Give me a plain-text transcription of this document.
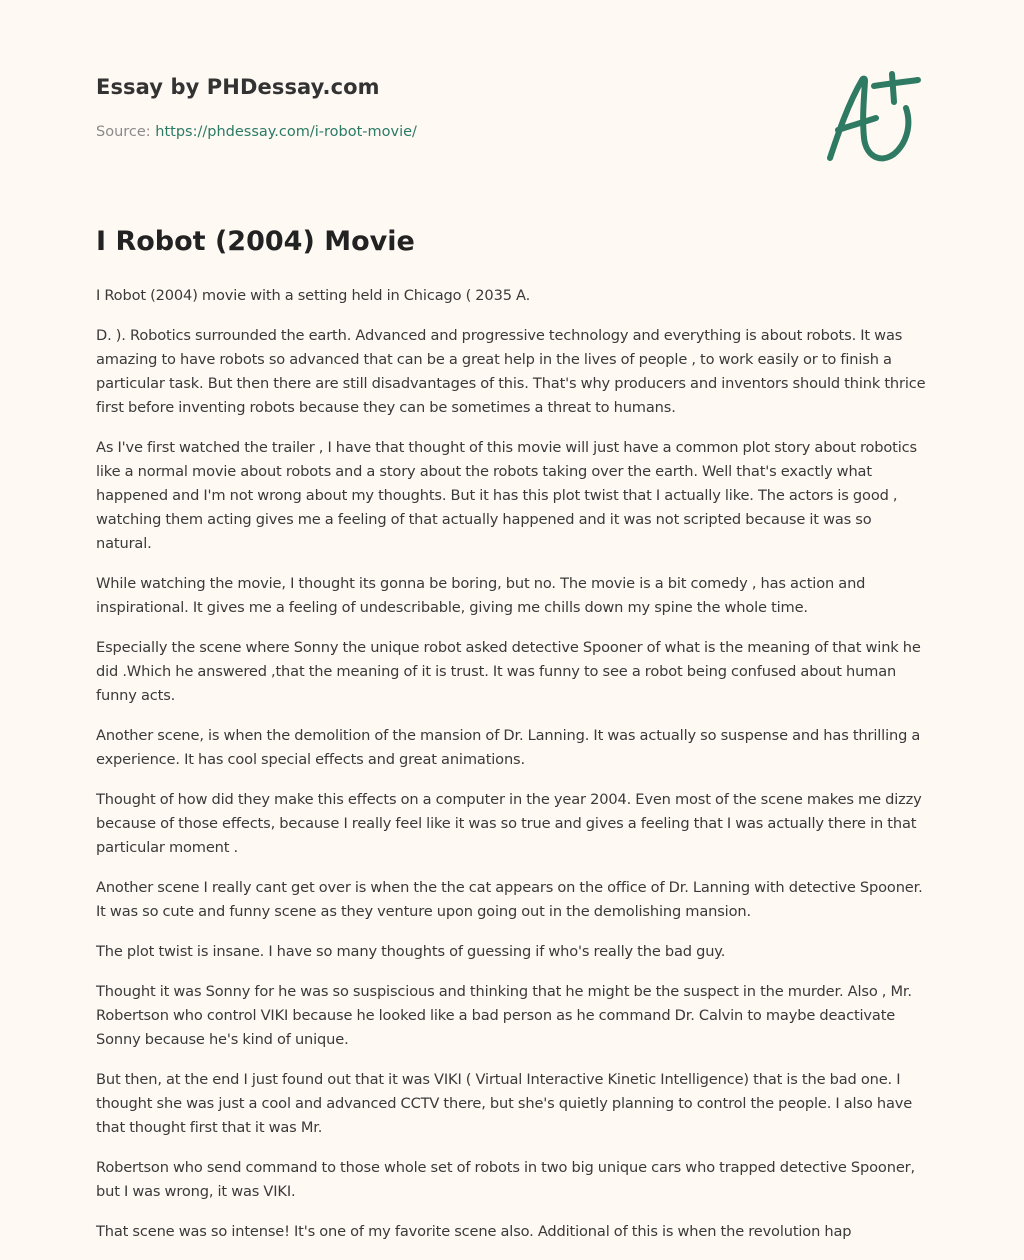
Essay by PHDessay.com
Source: https://phdessay.com/i-robot-movie/
I Robot (2004) Movie

I Robot (2004) movie with a setting held in Chicago ( 2035 A.

D. ). Robotics surrounded the earth. Advanced and progressive technology and everything is about robots. It was amazing to have robots so advanced that can be a great help in the lives of people , to work easily or to finish a particular task. But then there are still disadvantages of this. That's why producers and inventors should think thrice first before inventing robots because they can be sometimes a threat to humans.

As I've first watched the trailer , I have that thought of this movie will just have a common plot story about robotics like a normal movie about robots and a story about the robots taking over the earth. Well that's exactly what happened and I'm not wrong about my thoughts. But it has this plot twist that I actually like. The actors is good , watching them acting gives me a feeling of that actually happened and it was not scripted because it was so natural.

While watching the movie, I thought its gonna be boring, but no. The movie is a bit comedy , has action and inspirational. It gives me a feeling of undescribable, giving me chills down my spine the whole time.

Especially the scene where Sonny the unique robot asked detective Spooner of what is the meaning of that wink he did .Which he answered ,that the meaning of it is trust. It was funny to see a robot being confused about human funny acts.

Another scene, is when the demolition of the mansion of Dr. Lanning. It was actually so suspense and has thrilling a experience. It has cool special effects and great animations.

Thought of how did they make this effects on a computer in the year 2004. Even most of the scene makes me dizzy because of those effects, because I really feel like it was so true and gives a feeling that I was actually there in that particular moment .

Another scene I really cant get over is when the the cat appears on the office of Dr. Lanning with detective Spooner. It was so cute and funny scene as they venture upon going out in the demolishing mansion.

The plot twist is insane. I have so many thoughts of guessing if who's really the bad guy.

Thought it was Sonny for he was so suspiscious and thinking that he might be the suspect in the murder. Also , Mr. Robertson who control VIKI because he looked like a bad person as he command Dr. Calvin to maybe deactivate Sonny because he's kind of unique.

But then, at the end I just found out that it was VIKI ( Virtual Interactive Kinetic Intelligence) that is the bad one. I thought she was just a cool and advanced CCTV there, but she's quietly planning to control the people. I also have that thought first that it was Mr.

Robertson who send command to those whole set of robots in two big unique cars who trapped detective Spooner, but I was wrong, it was VIKI.

That scene was so intense! It's one of my favorite scene also. Additional of this is when the revolution hap
